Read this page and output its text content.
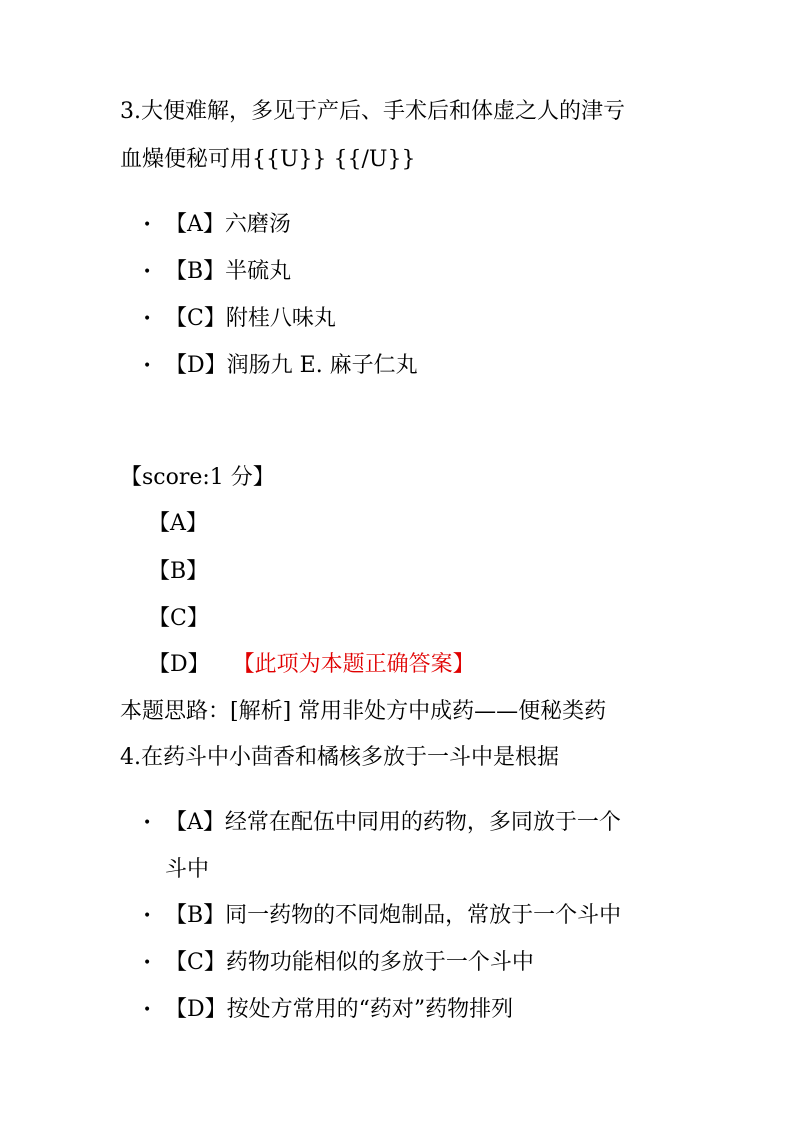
3.大便难解，多见于产后、手术后和体虚之人的津亏
血燥便秘可用{{U}} {{/U}}
• 【A】六磨汤
• 【B】半硫丸
• 【C】附桂八味丸
• 【D】润肠九 E. 麻子仁丸
【score:1 分】
【A】
【B】
【C】
【D】 【此项为本题正确答案】
本题思路：[解析] 常用非处方中成药——便秘类药
4.在药斗中小茴香和橘核多放于一斗中是根据
• 【A】经常在配伍中同用的药物，多同放于一个
斗中
• 【B】同一药物的不同炮制品，常放于一个斗中
• 【C】药物功能相似的多放于一个斗中
• 【D】按处方常用的“药对”药物排列
